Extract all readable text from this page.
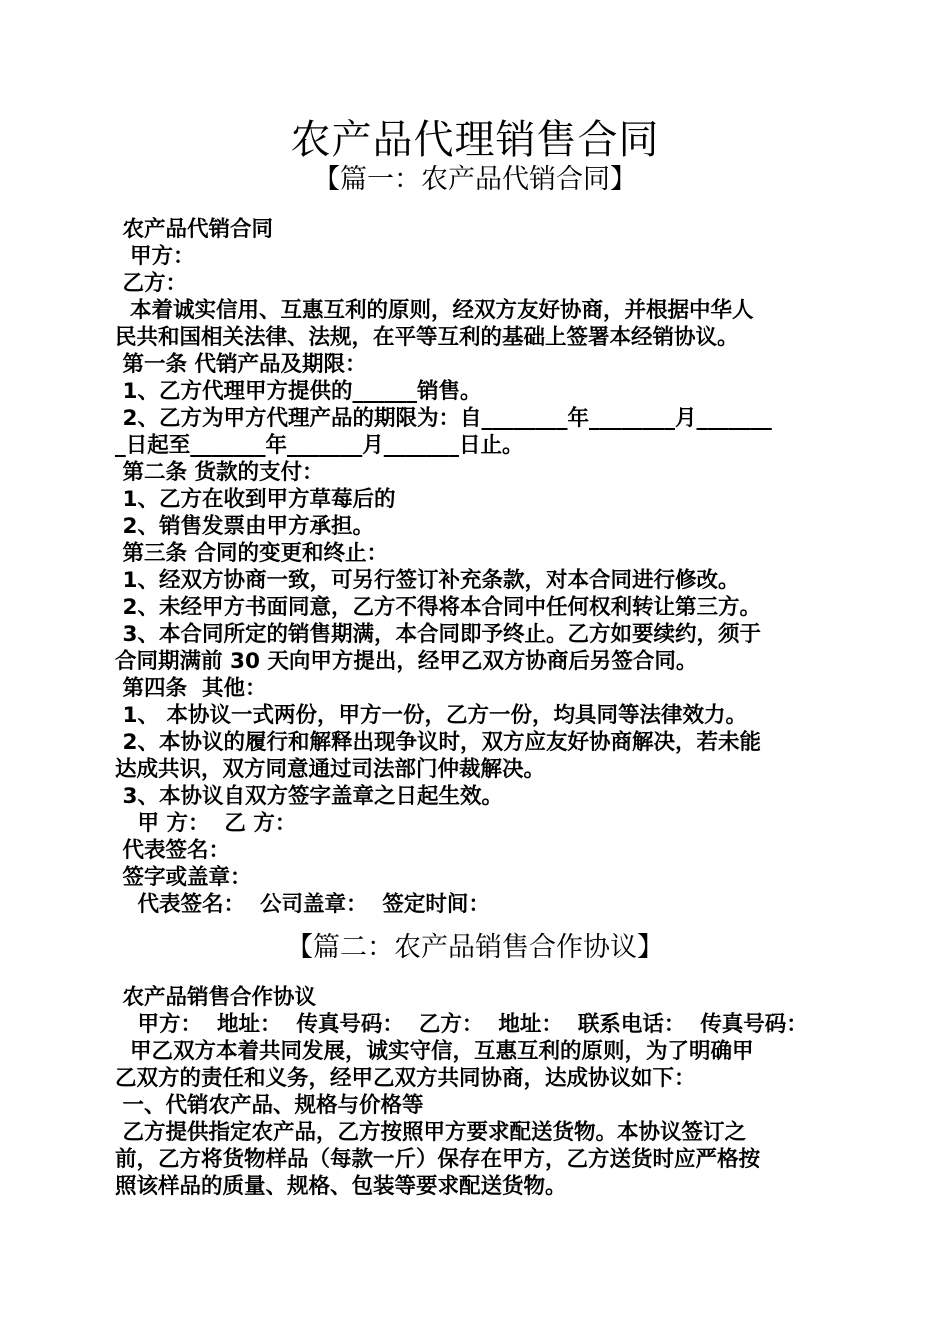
农产品代理销售合同
【篇一：农产品代销合同】

农产品代销合同

甲方：

乙方：

本着诚实信用、互惠互利的原则，经双方友好协商，并根据中华人

民共和国相关法律、法规，在平等互利的基础上签署本经销协议。

第一条 代销产品及期限：

1、乙方代理甲方提供的______销售。

2、乙方为甲方代理产品的期限为：自________年________月_______

_日起至_______年_______月_______日止。

第二条 货款的支付：

1、乙方在收到甲方草莓后的

2、销售发票由甲方承担。

第三条 合同的变更和终止：

1、经双方协商一致，可另行签订补充条款，对本合同进行修改。

2、未经甲方书面同意，乙方不得将本合同中任何权利转让第三方。

3、本合同所定的销售期满，本合同即予终止。乙方如要续约，须于

合同期满前 30 天向甲方提出，经甲乙双方协商后另签合同。

第四条  其他：

1、 本协议一式两份，甲方一份，乙方一份，均具同等法律效力。

2、本协议的履行和解释出现争议时，双方应友好协商解决，若未能

达成共识，双方同意通过司法部门仲裁解决。

3、本协议自双方签字盖章之日起生效。

甲 方：  乙 方：

代表签名：

签字或盖章：

代表签名：  公司盖章：  签定时间：

【篇二：农产品销售合作协议】

农产品销售合作协议

甲方：  地址：  传真号码：  乙方：  地址：  联系电话：  传真号码：

甲乙双方本着共同发展，诚实守信，互惠互利的原则，为了明确甲

乙双方的责任和义务，经甲乙双方共同协商，达成协议如下：

一、代销农产品、规格与价格等

乙方提供指定农产品，乙方按照甲方要求配送货物。本协议签订之

前，乙方将货物样品（每款一斤）保存在甲方，乙方送货时应严格按

照该样品的质量、规格、包装等要求配送货物。
